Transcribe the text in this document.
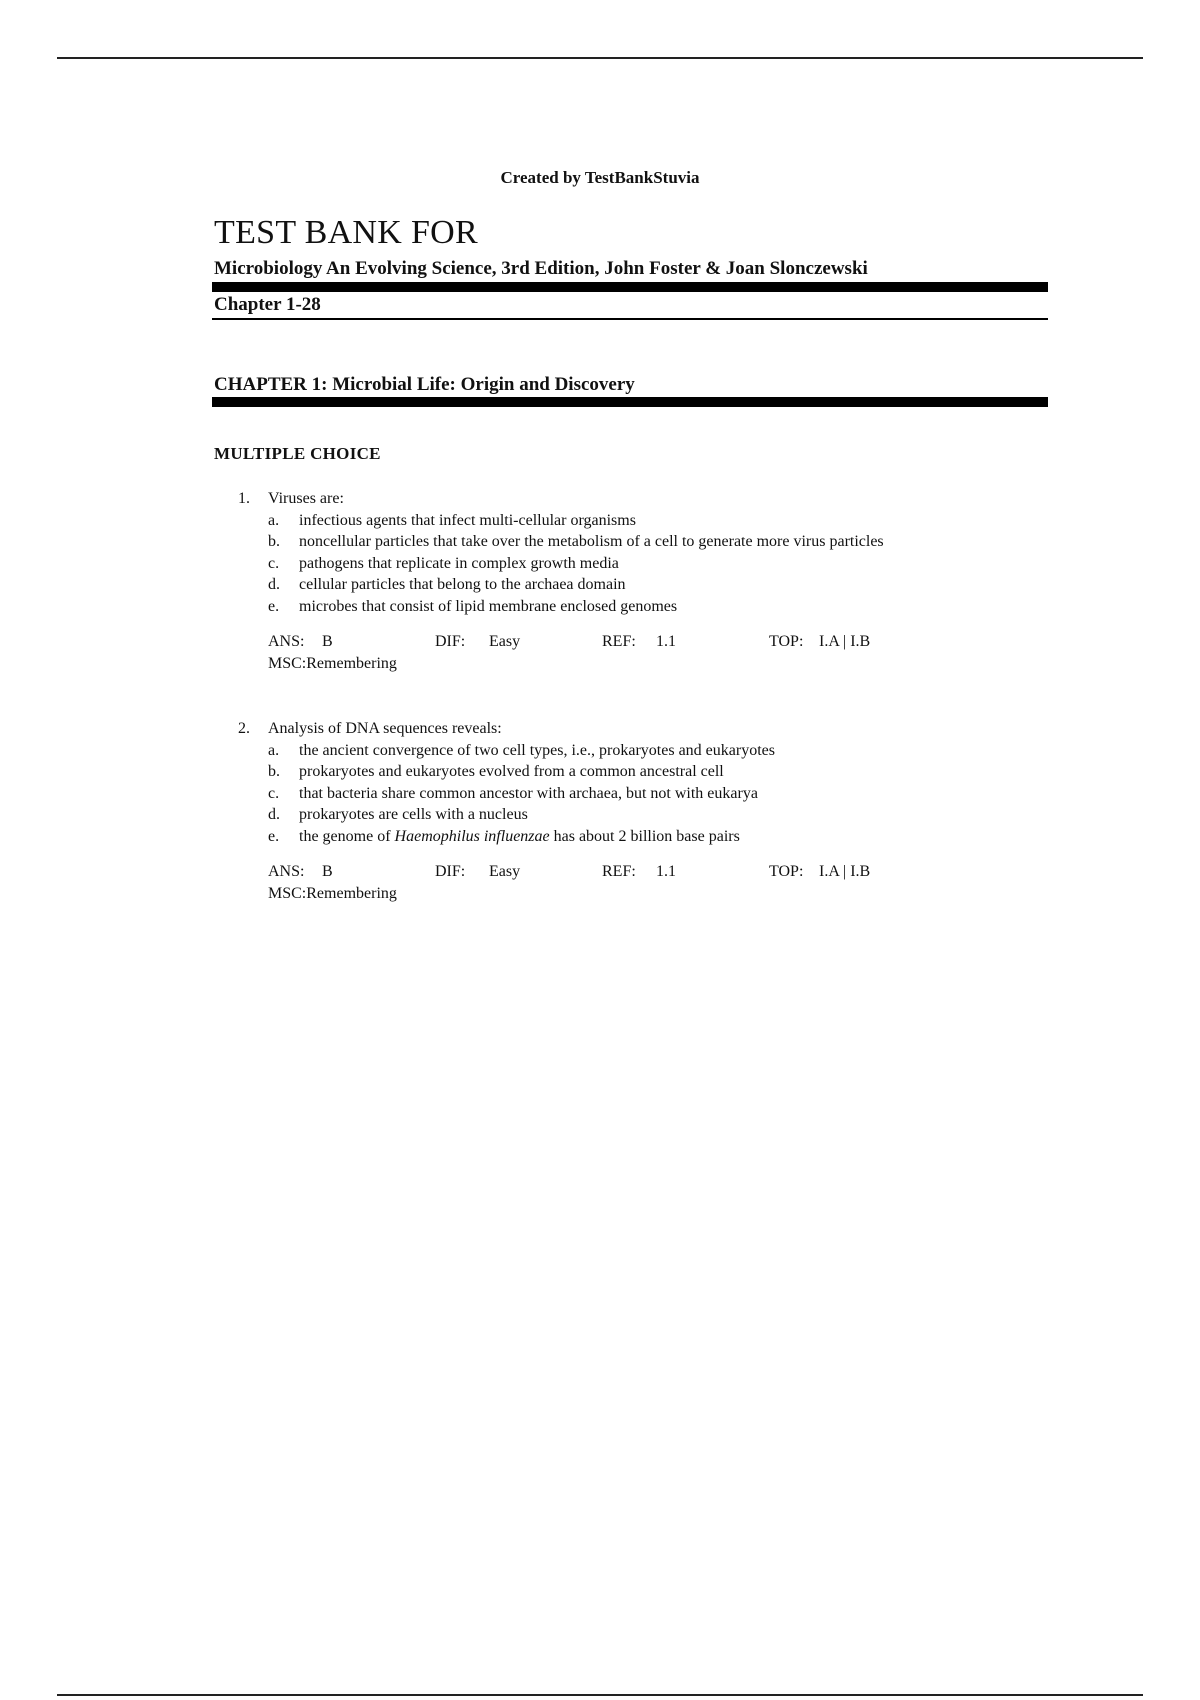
Created by TestBankStuvia
TEST BANK FOR
Microbiology An Evolving Science, 3rd Edition, John Foster & Joan Slonczewski
Chapter 1-28
CHAPTER 1: Microbial Life: Origin and Discovery
MULTIPLE CHOICE
1.	Viruses are:
a.	infectious agents that infect multi-cellular organisms
b.	noncellular particles that take over the metabolism of a cell to generate more virus particles
c.	pathogens that replicate in complex growth media
d.	cellular particles that belong to the archaea domain
e.	microbes that consist of lipid membrane enclosed genomes
ANS: B	DIF: Easy	REF: 1.1	TOP: I.A | I.B
MSC:Remembering
2.	Analysis of DNA sequences reveals:
a.	the ancient convergence of two cell types, i.e., prokaryotes and eukaryotes
b.	prokaryotes and eukaryotes evolved from a common ancestral cell
c.	that bacteria share common ancestor with archaea, but not with eukarya
d.	prokaryotes are cells with a nucleus
e.	the genome of Haemophilus influenzae has about 2 billion base pairs
ANS: B	DIF: Easy	REF: 1.1	TOP: I.A | I.B
MSC:Remembering
